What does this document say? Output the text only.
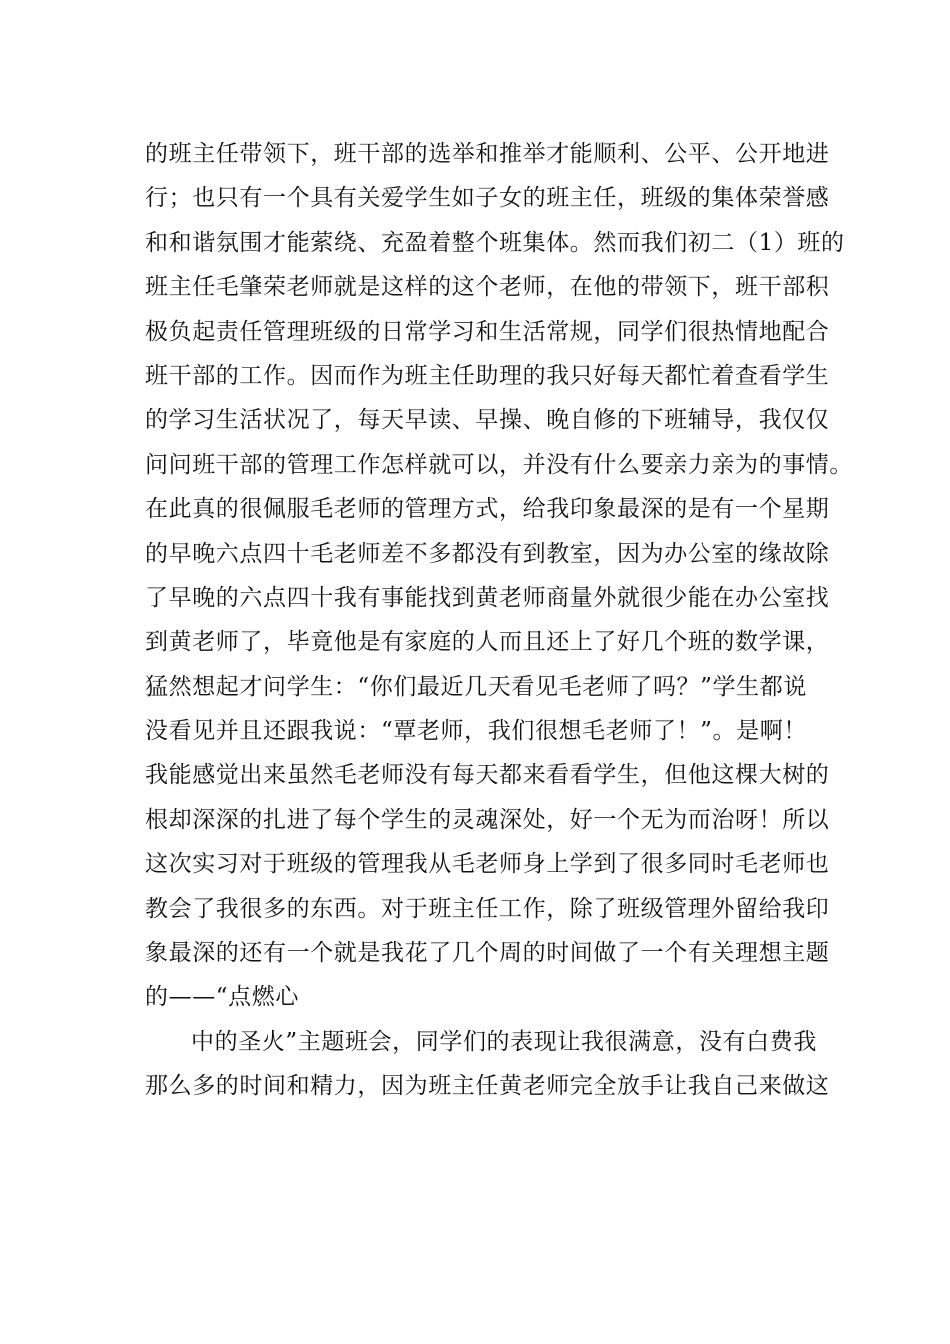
的班主任带领下，班干部的选举和推举才能顺利、公平、公开地进
行；也只有一个具有关爱学生如子女的班主任，班级的集体荣誉感
和和谐氛围才能萦绕、充盈着整个班集体。然而我们初二（1）班的
班主任毛肇荣老师就是这样的这个老师，在他的带领下，班干部积
极负起责任管理班级的日常学习和生活常规，同学们很热情地配合
班干部的工作。因而作为班主任助理的我只好每天都忙着查看学生
的学习生活状况了，每天早读、早操、晚自修的下班辅导，我仅仅
问问班干部的管理工作怎样就可以，并没有什么要亲力亲为的事情。
在此真的很佩服毛老师的管理方式，给我印象最深的是有一个星期
的早晚六点四十毛老师差不多都没有到教室，因为办公室的缘故除
了早晚的六点四十我有事能找到黄老师商量外就很少能在办公室找
到黄老师了，毕竟他是有家庭的人而且还上了好几个班的数学课，
猛然想起才问学生：“你们最近几天看见毛老师了吗？”学生都说
没看见并且还跟我说：“覃老师，我们很想毛老师了！”。是啊！
我能感觉出来虽然毛老师没有每天都来看看学生，但他这棵大树的
根却深深的扎进了每个学生的灵魂深处，好一个无为而治呀！所以
这次实习对于班级的管理我从毛老师身上学到了很多同时毛老师也
教会了我很多的东西。对于班主任工作，除了班级管理外留给我印
象最深的还有一个就是我花了几个周的时间做了一个有关理想主题
的——“点燃心
中的圣火”主题班会，同学们的表现让我很满意，没有白费我
那么多的时间和精力，因为班主任黄老师完全放手让我自己来做这
